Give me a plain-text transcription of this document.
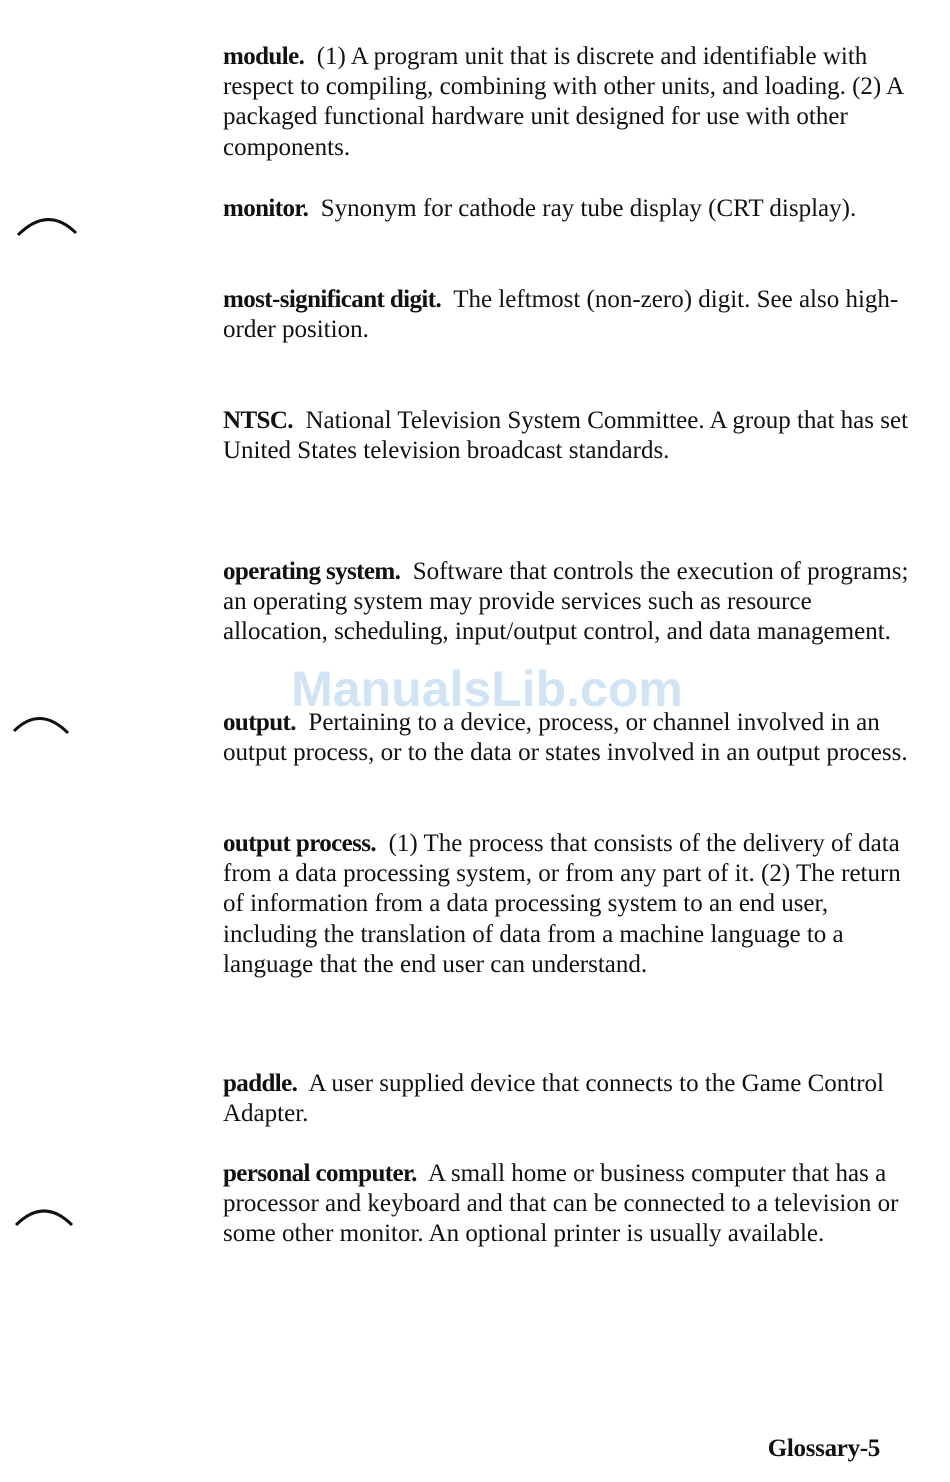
module. (1) A program unit that is discrete and identifiable with respect to compiling, combining with other units, and loading. (2) A packaged functional hardware unit designed for use with other components.

monitor. Synonym for cathode ray tube display (CRT display).

most-significant digit. The leftmost (non-zero) digit. See also high-order position.

NTSC. National Television System Committee. A group that has set United States television broadcast standards.

operating system. Software that controls the execution of programs; an operating system may provide services such as resource allocation, scheduling, input/output control, and data management.

output. Pertaining to a device, process, or channel involved in an output process, or to the data or states involved in an output process.

output process. (1) The process that consists of the delivery of data from a data processing system, or from any part of it. (2) The return of information from a data processing system to an end user, including the translation of data from a machine language to a language that the end user can understand.

paddle. A user supplied device that connects to the Game Control Adapter.

personal computer. A small home or business computer that has a processor and keyboard and that can be connected to a television or some other monitor. An optional printer is usually available.

ManualsLib.com
Glossary-5
